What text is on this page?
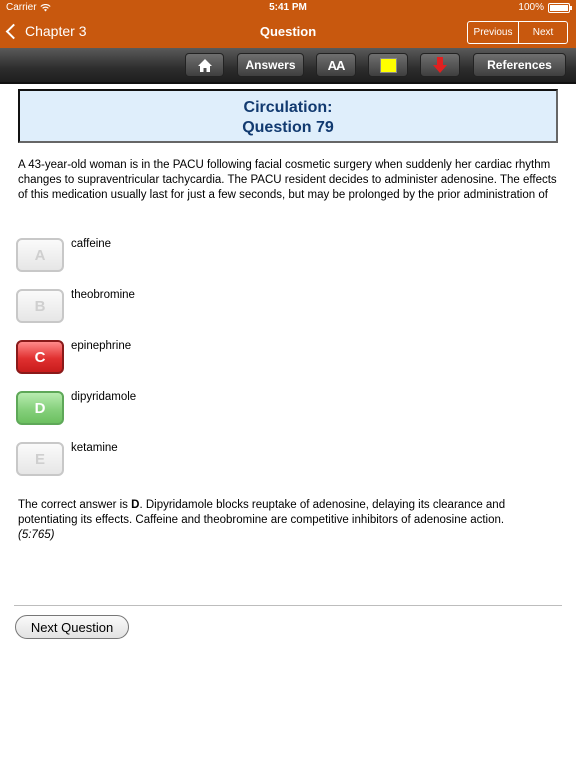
Carrier	5:41 PM	100%
Chapter 3	Question	Previous	Next
Answers	AA	References
Circulation:
Question 79
A 43-year-old woman is in the PACU following facial cosmetic surgery when suddenly her cardiac rhythm changes to supraventricular tachycardia. The PACU resident decides to administer adenosine. The effects of this medication usually last for just a few seconds, but may be prolonged by the prior administration of
A
caffeine
B
theobromine
C
epinephrine
D
dipyridamole
E
ketamine
The correct answer is D. Dipyridamole blocks reuptake of adenosine, delaying its clearance and potentiating its effects. Caffeine and theobromine are competitive inhibitors of adenosine action.
(5:765)
Next Question
